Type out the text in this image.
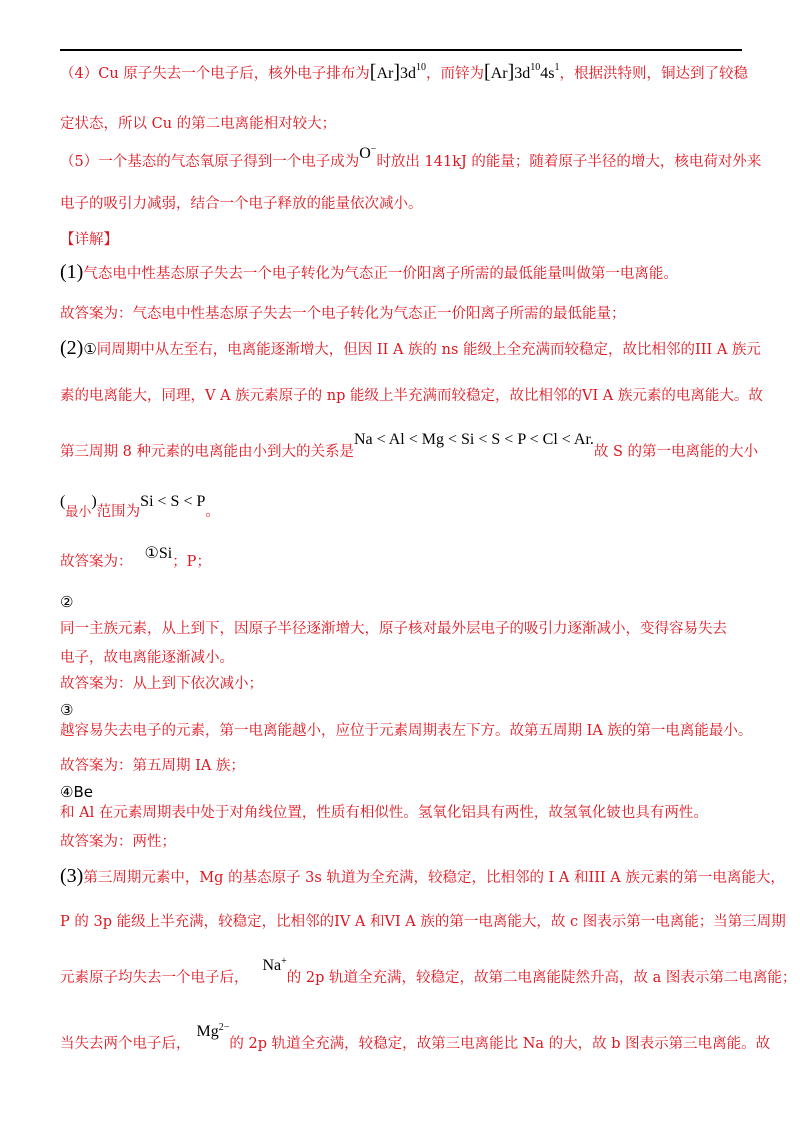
（4）Cu 原子失去一个电子后，核外电子排布为$[Ar]3d^{10}$，而锌为$[Ar]3d^{10}4s^1$，根据洪特则，铜达到了较稳
定状态，所以 Cu 的第二电离能相对较大；
（5）一个基态的气态氧原子得到一个电子成为O−时放出 141kJ 的能量；随着原子半径的增大，核电荷对外来
电子的吸引力减弱，结合一个电子释放的能量依次减小。
【详解】
(1)气态电中性基态原子失去一个电子转化为气态正一价阳离子所需的最低能量叫做第一电离能。
故答案为：气态电中性基态原子失去一个电子转化为气态正一价阳离子所需的最低能量；
(2)①同周期中从左至右，电离能逐渐增大，但因 II A 族的 ns 能级上全充满而较稳定，故比相邻的III A 族元
素的电离能大，同理，V A 族元素原子的 np 能级上半充满而较稳定，故比相邻的VI A 族元素的电离能大。故
第三周期 8 种元素的电离能由小到大的关系是Na < Al < Mg < Si < S < P < Cl < Ar.故 S 的第一电离能的大小
(最小)范围为Si < S < P。
故答案为： ①Si；P；
②
同一主族元素，从上到下，因原子半径逐渐增大，原子核对最外层电子的吸引力逐渐减小，变得容易失去
电子，故电离能逐渐减小。
故答案为：从上到下依次减小；
③
越容易失去电子的元素，第一电离能越小，应位于元素周期表左下方。故第五周期 IA 族的第一电离能最小。
故答案为：第五周期 IA 族；
④Be
和 Al 在元素周期表中处于对角线位置，性质有相似性。氢氧化铝具有两性，故氢氧化铍也具有两性。
故答案为：两性；
(3)第三周期元素中，Mg 的基态原子 3s 轨道为全充满，较稳定，比相邻的 I A 和III A 族元素的第一电离能大，
P 的 3p 能级上半充满，较稳定，比相邻的IV A 和VI A 族的第一电离能大，故 c 图表示第一电离能；当第三周期
元素原子均失去一个电子后，Na+的 2p 轨道全充满，较稳定，故第二电离能陡然升高，故 a 图表示第二电离能；
当失去两个电子后，$Mg^{2-}$的 2p 轨道全充满，较稳定，故第三电离能比 Na 的大，故 b 图表示第三电离能。故
